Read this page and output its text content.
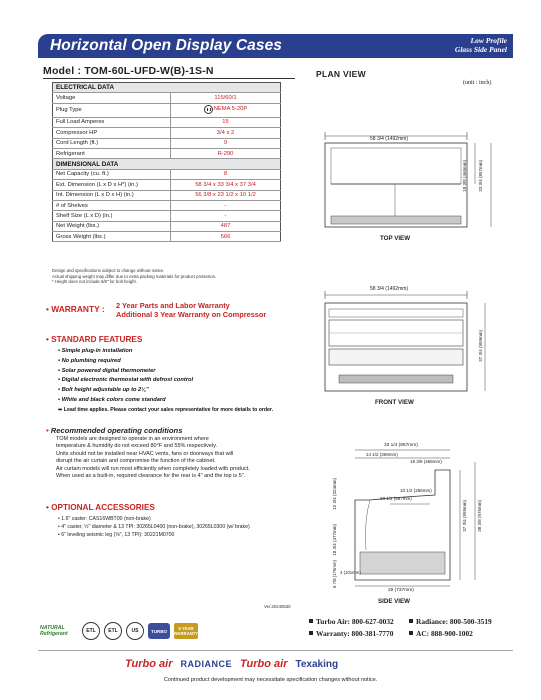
Horizontal Open Display Cases	Low Profile
Glass Side Panel
Model : TOM-60L-UFD-W(B)-1S-N	PLAN VIEW
(unit : inch)
ELECTRICAL DATA	
Voltage	115/60/1
Plug Type	NEMA 5-20P

Full Load Amperes	15
Compressor HP	3/4 x 2
Cord Length (ft.)	9
Refrigerant	R-290
DIMENSIONAL DATA	
Net Capacity (cu. ft.)	8
Ext. Dimension (L x D x H*) (in.)	58 3/4 x 33 3/4 x 37 3/4
Int. Dimension (L x D x H) (in.)	56 3/8 x 23 1/2 x 10 1/2
# of Shelves	-
Shelf Size (L x D) (in.)	-
Net Weight (lbs.)	487
Gross Weight (lbs.)	566
Design and specifications subject to change without notice.
Actual shipping weight may differ due to extra packing materials for product protection.
* Height does not include 5/8" for bolt height.
• WARRANTY : 2 Year Parts and Labor Warranty
Additional 3 Year Warranty on Compressor
• STANDARD FEATURES
• Simple plug-in installation
• No plumbing required
• Solar powered digital thermometer
• Digital electronic thermostat with defrost control
• Bolt height adjustable up to 2¼"
• White and black colors come standard
➡ Lead time applies. Please contact your sales representative for more details to order.
• Recommended operating conditions
TOM models are designed to operate in an environment where
temperature & humidity do not exceed 80°F and 55% respectively.
Units should not be installed near HVAC vents, fans or doorways that will
disrupt the air curtain and compromise the function of the cabinet.
Air curtain models will run most efficiently when completely loaded with product.
When used as a built-in, required clearance for the rear is 4" and the top is 5".
• OPTIONAL ACCESSORIES
• 1.6" caster: CAS16WBT00 (non-brake)
• 4" caster, ½" diameter & 13 TPI: 30265L0400 (non-brake), 30265L0300 (w/ brake)
• 6" leveling seismic leg (⅝", 13 TPI): 30221M0700
Ver.20240530
58 3/4 (1492mm)
18 3/8 (466mm) 33 3/4 (857mm)
TOP VIEW
58 3/4 (1492mm)
37 3/4 (959mm)
FRONT VIEW
33 1/4 (857mm)
14 1/2 (369mm)
18 3/8 (466mm)
23 1/2 (597mm)
10 1/2 (266mm)
12 3/4 (324mm)
18 3/4 (477mm)
6 7/8 (175mm) 4 (101mm)
37 3/4 (959mm) 38 3/8 (975mm)
29 (737mm)
SIDE VIEW
NATURAL
Refrigerant	ETL	ETL	US	TURBO	5 YEAR WARRANTY
Turbo Air: 800-627-0032	Radiance: 800-500-3519
Warranty: 800-381-7770	AC: 888-900-1002
Turbo air RADIANCE Turbo air Texaking
Continued product development may necessitate specification changes without notice.
